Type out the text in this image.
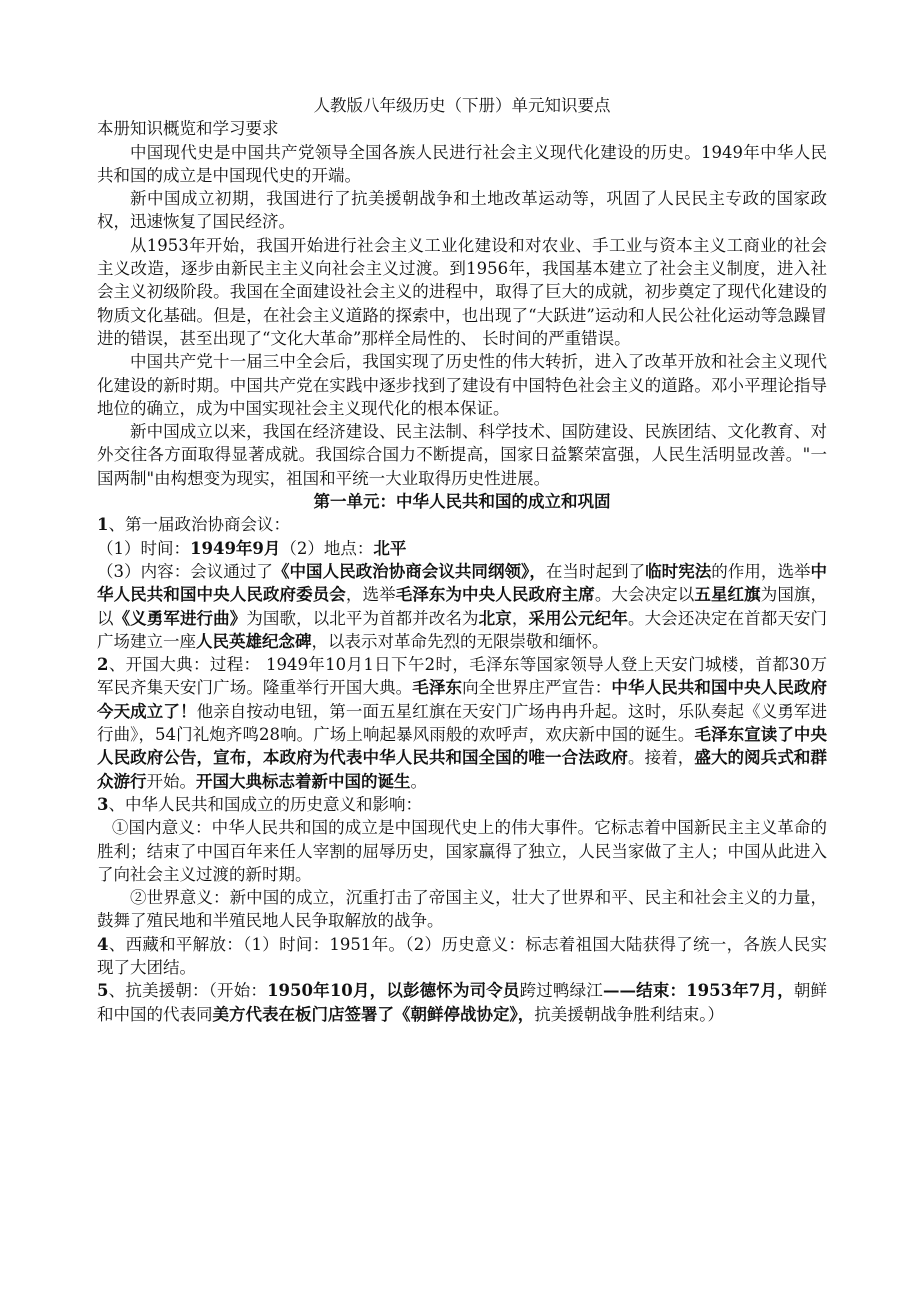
人教版八年级历史（下册）单元知识要点

本册知识概览和学习要求

中国现代史是中国共产党领导全国各族人民进行社会主义现代化建设的历史。1949年中华人民共和国的成立是中国现代史的开端。

新中国成立初期，我国进行了抗美援朝战争和土地改革运动等，巩固了人民民主专政的国家政权，迅速恢复了国民经济。

从1953年开始，我国开始进行社会主义工业化建设和对农业、手工业与资本主义工商业的社会主义改造，逐步由新民主主义向社会主义过渡。到1956年，我国基本建立了社会主义制度，进入社会主义初级阶段。我国在全面建设社会主义的进程中，取得了巨大的成就，初步奠定了现代化建设的物质文化基础。但是，在社会主义道路的探索中，也出现了“大跃进”运动和人民公社化运动等急躁冒进的错误，甚至出现了“文化大革命”那样全局性的、 长时间的严重错误。

中国共产党十一届三中全会后，我国实现了历史性的伟大转折，进入了改革开放和社会主义现代化建设的新时期。中国共产党在实践中逐步找到了建设有中国特色社会主义的道路。邓小平理论指导地位的确立，成为中国实现社会主义现代化的根本保证。

新中国成立以来，我国在经济建设、民主法制、科学技术、国防建设、民族团结、文化教育、对外交往各方面取得显著成就。我国综合国力不断提高，国家日益繁荣富强，人民生活明显改善。"一国两制"由构想变为现实，祖国和平统一大业取得历史性进展。

第一单元：中华人民共和国的成立和巩固

1、第一届政治协商会议：

（1）时间：1949年9月（2）地点：北平

（3）内容：会议通过了《中国人民政治协商会议共同纲领》，在当时起到了临时宪法的作用，选举中华人民共和国中央人民政府委员会，选举毛泽东为中央人民政府主席。大会决定以五星红旗为国旗，以《义勇军进行曲》为国歌，以北平为首都并改名为北京，采用公元纪年。大会还决定在首都天安门广场建立一座人民英雄纪念碑，以表示对革命先烈的无限崇敬和缅怀。

2、开国大典：过程： 1949年10月1日下午2时，毛泽东等国家领导人登上天安门城楼，首都30万军民齐集天安门广场。隆重举行开国大典。毛泽东向全世界庄严宣告：中华人民共和国中央人民政府今天成立了！他亲自按动电钮，第一面五星红旗在天安门广场冉冉升起。这时，乐队奏起《义勇军进行曲》，54门礼炮齐鸣28响。广场上响起暴风雨般的欢呼声，欢庆新中国的诞生。毛泽东宣读了中央人民政府公告，宣布，本政府为代表中华人民共和国全国的唯一合法政府。接着，盛大的阅兵式和群众游行开始。开国大典标志着新中国的诞生。

3、中华人民共和国成立的历史意义和影响：

①国内意义：中华人民共和国的成立是中国现代史上的伟大事件。它标志着中国新民主主义革命的胜利；结束了中国百年来任人宰割的屈辱历史，国家赢得了独立，人民当家做了主人；中国从此进入了向社会主义过渡的新时期。

②世界意义：新中国的成立，沉重打击了帝国主义，壮大了世界和平、民主和社会主义的力量，鼓舞了殖民地和半殖民地人民争取解放的战争。

4、西藏和平解放：（1）时间：1951年。（2）历史意义：标志着祖国大陆获得了统一，各族人民实现了大团结。

5、抗美援朝：（开始：1950年10月，以彭德怀为司令员跨过鸭绿江——结束：1953年7月，朝鲜和中国的代表同美方代表在板门店签署了《朝鲜停战协定》，抗美援朝战争胜利结束。）
